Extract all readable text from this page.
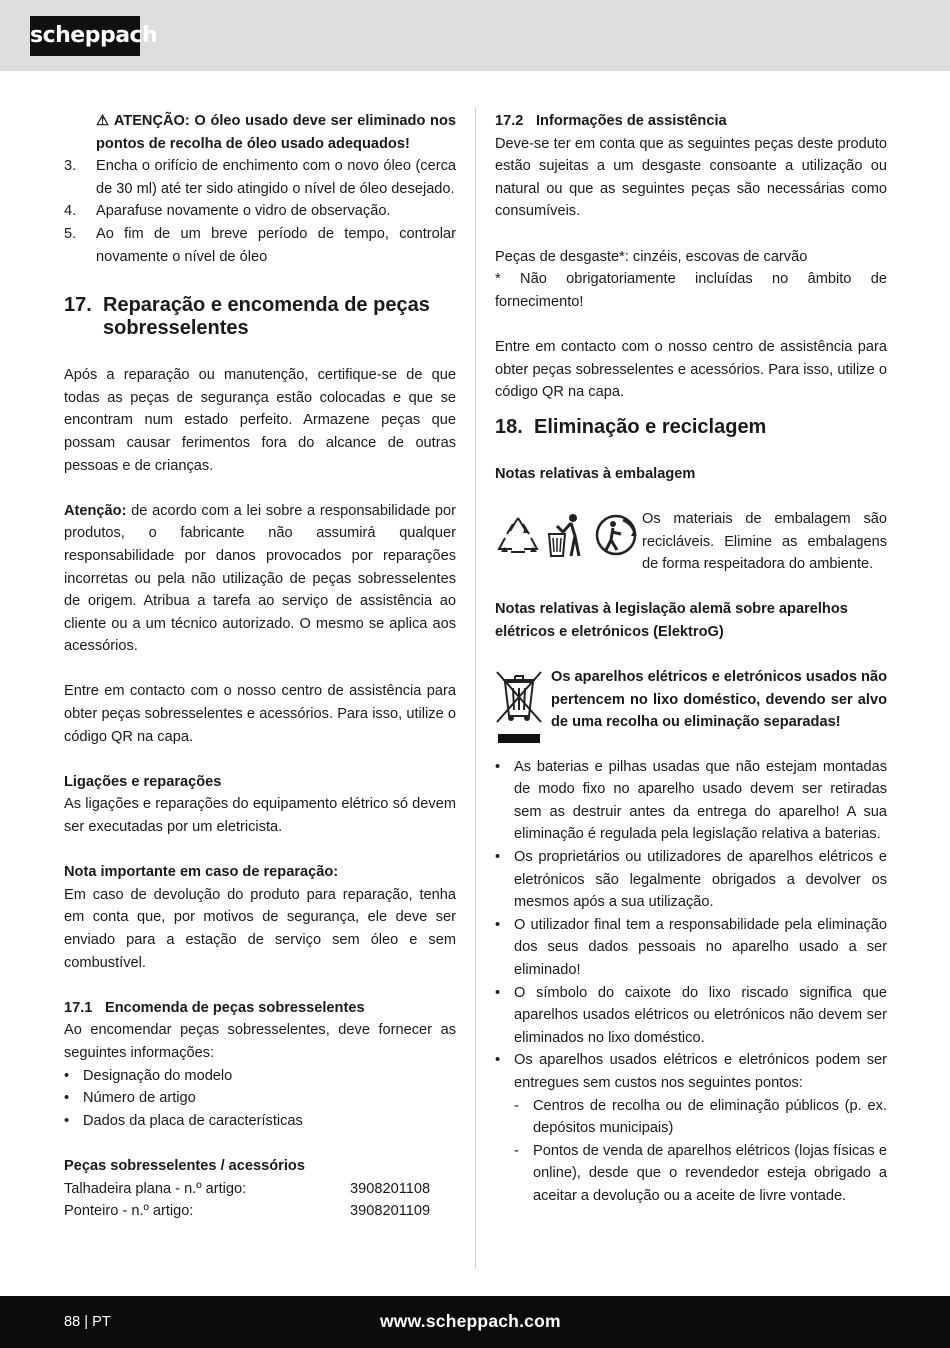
scheppach

⚠ ATENÇÃO: O óleo usado deve ser eliminado nos pontos de recolha de óleo usado adequados!

3. Encha o orifício de enchimento com o novo óleo (cerca de 30 ml) até ter sido atingido o nível de óleo desejado.
4. Aparafuse novamente o vidro de observação.
5. Ao fim de um breve período de tempo, controlar novamente o nível de óleo
17. Reparação e encomenda de peças sobresselentes

Após a reparação ou manutenção, certifique-se de que todas as peças de segurança estão colocadas e que se encontram num estado perfeito. Armazene peças que possam causar ferimentos fora do alcance de outras pessoas e de crianças.

Atenção: de acordo com a lei sobre a responsabilidade por produtos, o fabricante não assumirá qualquer responsabilidade por danos provocados por reparações incorretas ou pela não utilização de peças sobresselentes de origem. Atribua a tarefa ao serviço de assistência ao cliente ou a um técnico autorizado. O mesmo se aplica aos acessórios.

Entre em contacto com o nosso centro de assistência para obter peças sobresselentes e acessórios. Para isso, utilize o código QR na capa.

Ligações e reparações

As ligações e reparações do equipamento elétrico só devem ser executadas por um eletricista.

Nota importante em caso de reparação:

Em caso de devolução do produto para reparação, tenha em conta que, por motivos de segurança, ele deve ser enviado para a estação de serviço sem óleo e sem combustível.

17.1 Encomenda de peças sobresselentes

Ao encomendar peças sobresselentes, deve fornecer as seguintes informações:

• Designação do modelo
• Número de artigo
• Dados da placa de características

Peças sobresselentes / acessórios

Talhadeira plana - n.º artigo:	3908201108
Ponteiro - n.º artigo:	3908201109
17.2 Informações de assistência

Deve-se ter em conta que as seguintes peças deste produto estão sujeitas a um desgaste consoante a utilização ou natural ou que as seguintes peças são necessárias como consumíveis.

Peças de desgaste*: cinzéis, escovas de carvão

* Não obrigatoriamente incluídas no âmbito de fornecimento!

Entre em contacto com o nosso centro de assistência para obter peças sobresselentes e acessórios. Para isso, utilize o código QR na capa.

18. Eliminação e reciclagem

Notas relativas à embalagem

Os materiais de embalagem são recicláveis. Elimine as embalagens de forma respeitadora do ambiente.

Notas relativas à legislação alemã sobre aparelhos elétricos e eletrónicos (ElektroG)

Os aparelhos elétricos e eletrónicos usados não pertencem no lixo doméstico, devendo ser alvo de uma recolha ou eliminação separadas!

• As baterias e pilhas usadas que não estejam montadas de modo fixo no aparelho usado devem ser retiradas sem as destruir antes da entrega do aparelho! A sua eliminação é regulada pela legislação relativa a baterias.
• Os proprietários ou utilizadores de aparelhos elétricos e eletrónicos são legalmente obrigados a devolver os mesmos após a sua utilização.
• O utilizador final tem a responsabilidade pela eliminação dos seus dados pessoais no aparelho usado a ser eliminado!
• O símbolo do caixote do lixo riscado significa que aparelhos usados elétricos ou eletrónicos não devem ser eliminados no lixo doméstico.
• Os aparelhos usados elétricos e eletrónicos podem ser entregues sem custos nos seguintes pontos:
- Centros de recolha ou de eliminação públicos (p. ex. depósitos municipais)
- Pontos de venda de aparelhos elétricos (lojas físicas e online), desde que o revendedor esteja obrigado a aceitar a devolução ou a aceite de livre vontade.
88 | PT	www.scheppach.com
